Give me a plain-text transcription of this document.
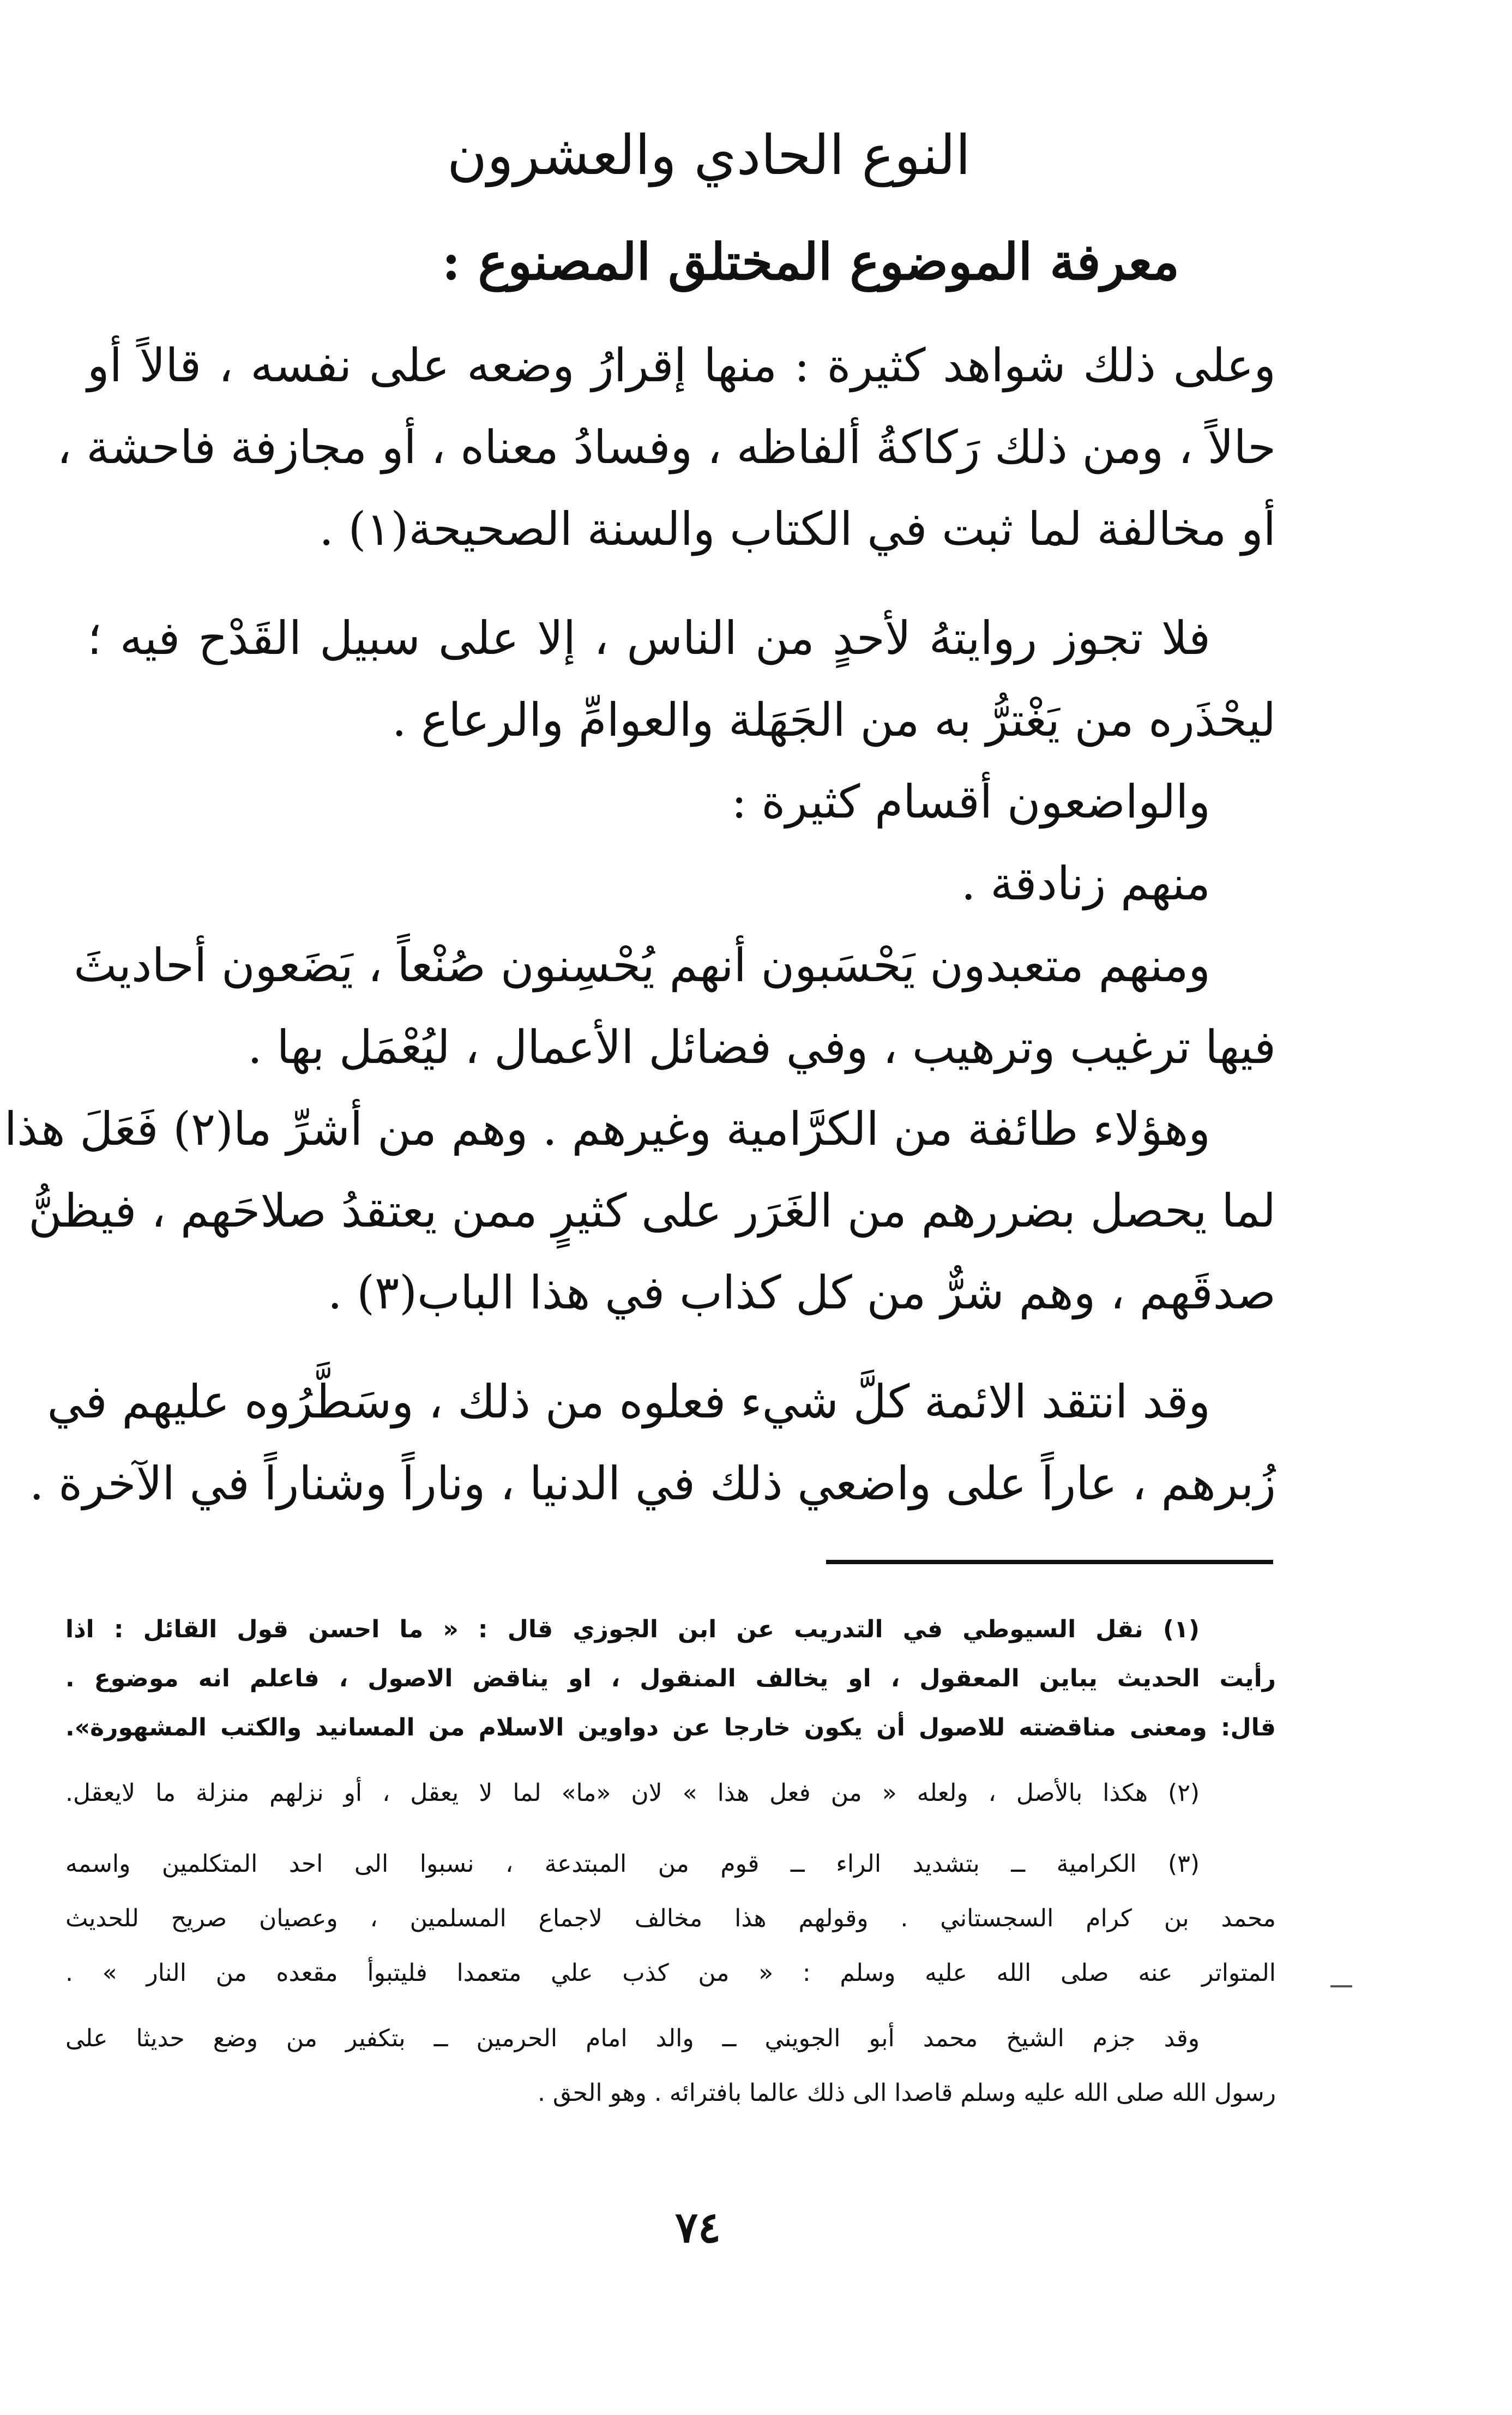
النوع الحادي والعشرون
معرفة الموضوع المختلق المصنوع :

وعلى ذلك شواهد كثيرة : منها إقرارُ وضعه على نفسه ، قالاً أو

حالاً ، ومن ذلك رَكاكةُ ألفاظه ، وفسادُ معناه ، أو مجازفة فاحشة ،

أو مخالفة لما ثبت في الكتاب والسنة الصحيحة(١) .

فلا تجوز روايتهُ لأحدٍ من الناس ، إلا على سبيل القَدْح فيه ؛

ليحْذَره من يَغْترُّ به من الجَهَلة والعوامِّ والرعاع .

والواضعون أقسام كثيرة :

منهم زنادقة .

ومنهم متعبدون يَحْسَبون أنهم يُحْسِنون صُنْعاً ، يَضَعون أحاديثَ

فيها ترغيب وترهيب ، وفي فضائل الأعمال ، ليُعْمَل بها .

وهؤلاء طائفة من الكرَّامية وغيرهم . وهم من أشرِّ ما(٢) فَعَلَ هذا

لما يحصل بضررهم من الغَرَر على كثيرٍ ممن يعتقدُ صلاحَهم ، فيظنُّ

صدقَهم ، وهم شرٌّ من كل كذاب في هذا الباب(٣) .

وقد انتقد الائمة كلَّ شيء فعلوه من ذلك ، وسَطَّرُوه عليهم في

زُبرهم ، عاراً على واضعي ذلك في الدنيا ، وناراً وشناراً في الآخرة .

(١) نقل السيوطي في التدريب عن ابن الجوزي قال : « ما احسن قول القائل : اذا

رأيت الحديث يباين المعقول ، او يخالف المنقول ، او يناقض الاصول ، فاعلم انه موضوع .

قال: ومعنى مناقضته للاصول أن يكون خارجا عن دواوين الاسلام من المسانيد والكتب المشهورة».

(٢) هكذا بالأصل ، ولعله « من فعل هذا » لان «ما» لما لا يعقل ، أو نزلهم منزلة ما لايعقل.

(٣) الكرامية ــ بتشديد الراء ــ قوم من المبتدعة ، نسبوا الى احد المتكلمين واسمه

محمد بن كرام السجستاني . وقولهم هذا مخالف لاجماع المسلمين ، وعصيان صريح للحديث

المتواتر عنه صلى الله عليه وسلم : « من كذب علي متعمدا فليتبوأ مقعده من النار » .

وقد جزم الشيخ محمد أبو الجويني ــ والد امام الحرمين ــ بتكفير من وضع حديثا على

رسول الله صلى الله عليه وسلم قاصدا الى ذلك عالما بافترائه . وهو الحق .

٧٤
